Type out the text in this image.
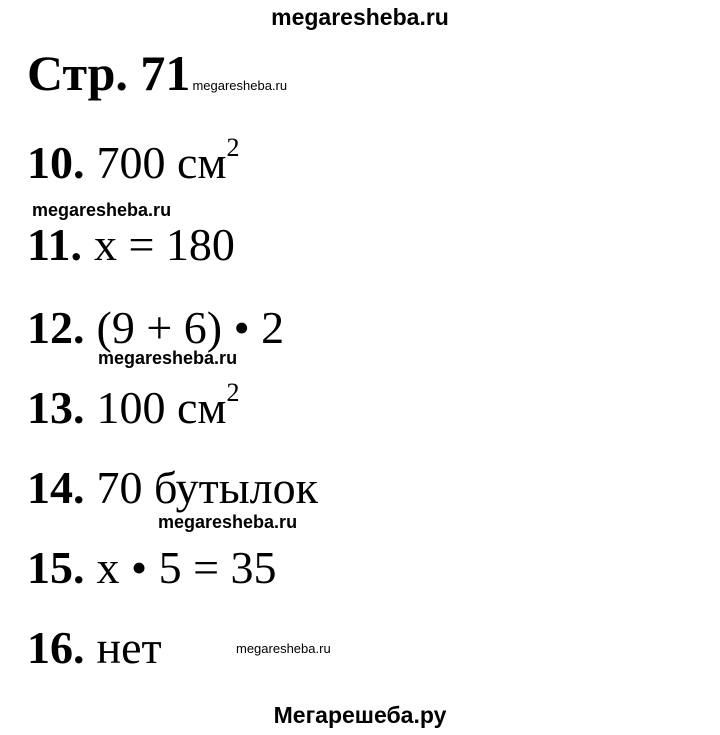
megaresheba.ru
Стр. 71 megaresheba.ru
10. 700 $см^2$
megaresheba.ru
11. x = 180
12. (9 + 6) • 2
megaresheba.ru
13. 100 $см^2$
14. 70 бутылок
megaresheba.ru
15. x • 5 = 35
16. нет	megaresheba.ru
Мегарешеба.ру
